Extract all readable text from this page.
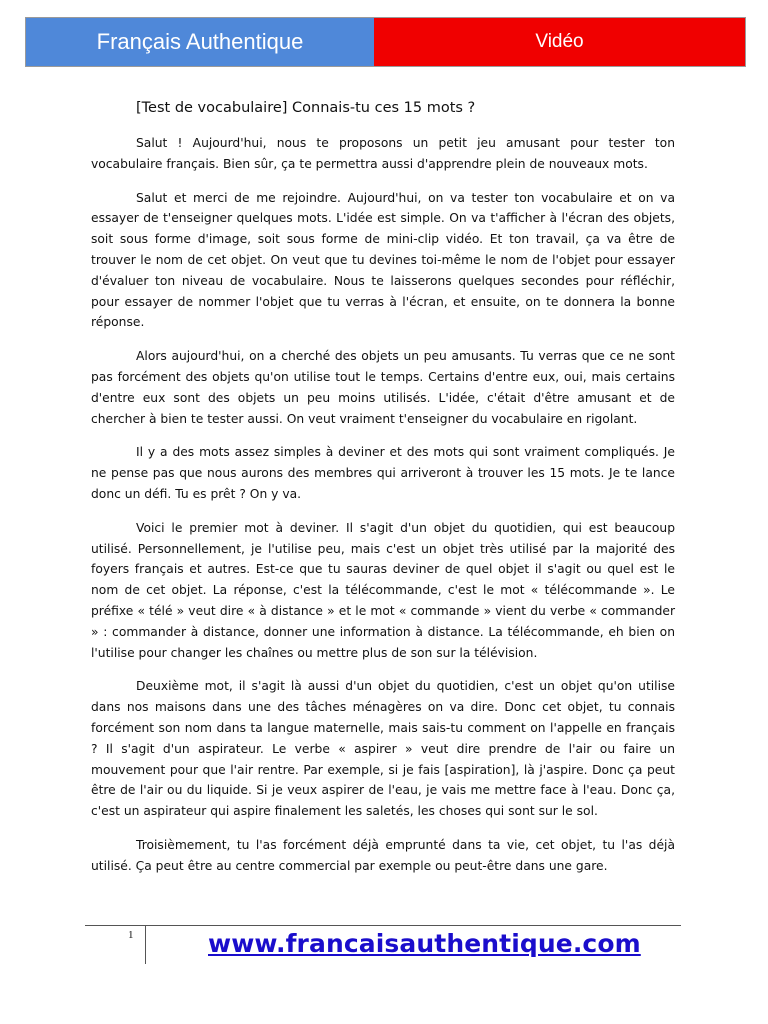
Français Authentique	Vidéo
[Test de vocabulaire] Connais-tu ces 15 mots ?

Salut ! Aujourd'hui, nous te proposons un petit jeu amusant pour tester ton vocabulaire français. Bien sûr, ça te permettra aussi d'apprendre plein de nouveaux mots.

Salut et merci de me rejoindre. Aujourd'hui, on va tester ton vocabulaire et on va essayer de t'enseigner quelques mots. L'idée est simple. On va t'afficher à l'écran des objets, soit sous forme d'image, soit sous forme de mini-clip vidéo. Et ton travail, ça va être de trouver le nom de cet objet. On veut que tu devines toi-même le nom de l'objet pour essayer d'évaluer ton niveau de vocabulaire. Nous te laisserons quelques secondes pour réfléchir, pour essayer de nommer l'objet que tu verras à l'écran, et ensuite, on te donnera la bonne réponse.

Alors aujourd'hui, on a cherché des objets un peu amusants. Tu verras que ce ne sont pas forcément des objets qu'on utilise tout le temps. Certains d'entre eux, oui, mais certains d'entre eux sont des objets un peu moins utilisés. L'idée, c'était d'être amusant et de chercher à bien te tester aussi. On veut vraiment t'enseigner du vocabulaire en rigolant.

Il y a des mots assez simples à deviner et des mots qui sont vraiment compliqués. Je ne pense pas que nous aurons des membres qui arriveront à trouver les 15 mots. Je te lance donc un défi. Tu es prêt ? On y va.

Voici le premier mot à deviner. Il s'agit d'un objet du quotidien, qui est beaucoup utilisé. Personnellement, je l'utilise peu, mais c'est un objet très utilisé par la majorité des foyers français et autres. Est-ce que tu sauras deviner de quel objet il s'agit ou quel est le nom de cet objet. La réponse, c'est la télécommande, c'est le mot « télécommande ». Le préfixe « télé » veut dire « à distance » et le mot « commande » vient du verbe « commander » : commander à distance, donner une information à distance. La télécommande, eh bien on l'utilise pour changer les chaînes ou mettre plus de son sur la télévision.

Deuxième mot, il s'agit là aussi d'un objet du quotidien, c'est un objet qu'on utilise dans nos maisons dans une des tâches ménagères on va dire. Donc cet objet, tu connais forcément son nom dans ta langue maternelle, mais sais-tu comment on l'appelle en français ? Il s'agit d'un aspirateur. Le verbe « aspirer » veut dire prendre de l'air ou faire un mouvement pour que l'air rentre. Par exemple, si je fais [aspiration], là j'aspire. Donc ça peut être de l'air ou du liquide. Si je veux aspirer de l'eau, je vais me mettre face à l'eau. Donc ça, c'est un aspirateur qui aspire finalement les saletés, les choses qui sont sur le sol.

Troisièmement, tu l'as forcément déjà emprunté dans ta vie, cet objet, tu l'as déjà utilisé. Ça peut être au centre commercial par exemple ou peut-être dans une gare.

1	www.francaisauthentique.com
